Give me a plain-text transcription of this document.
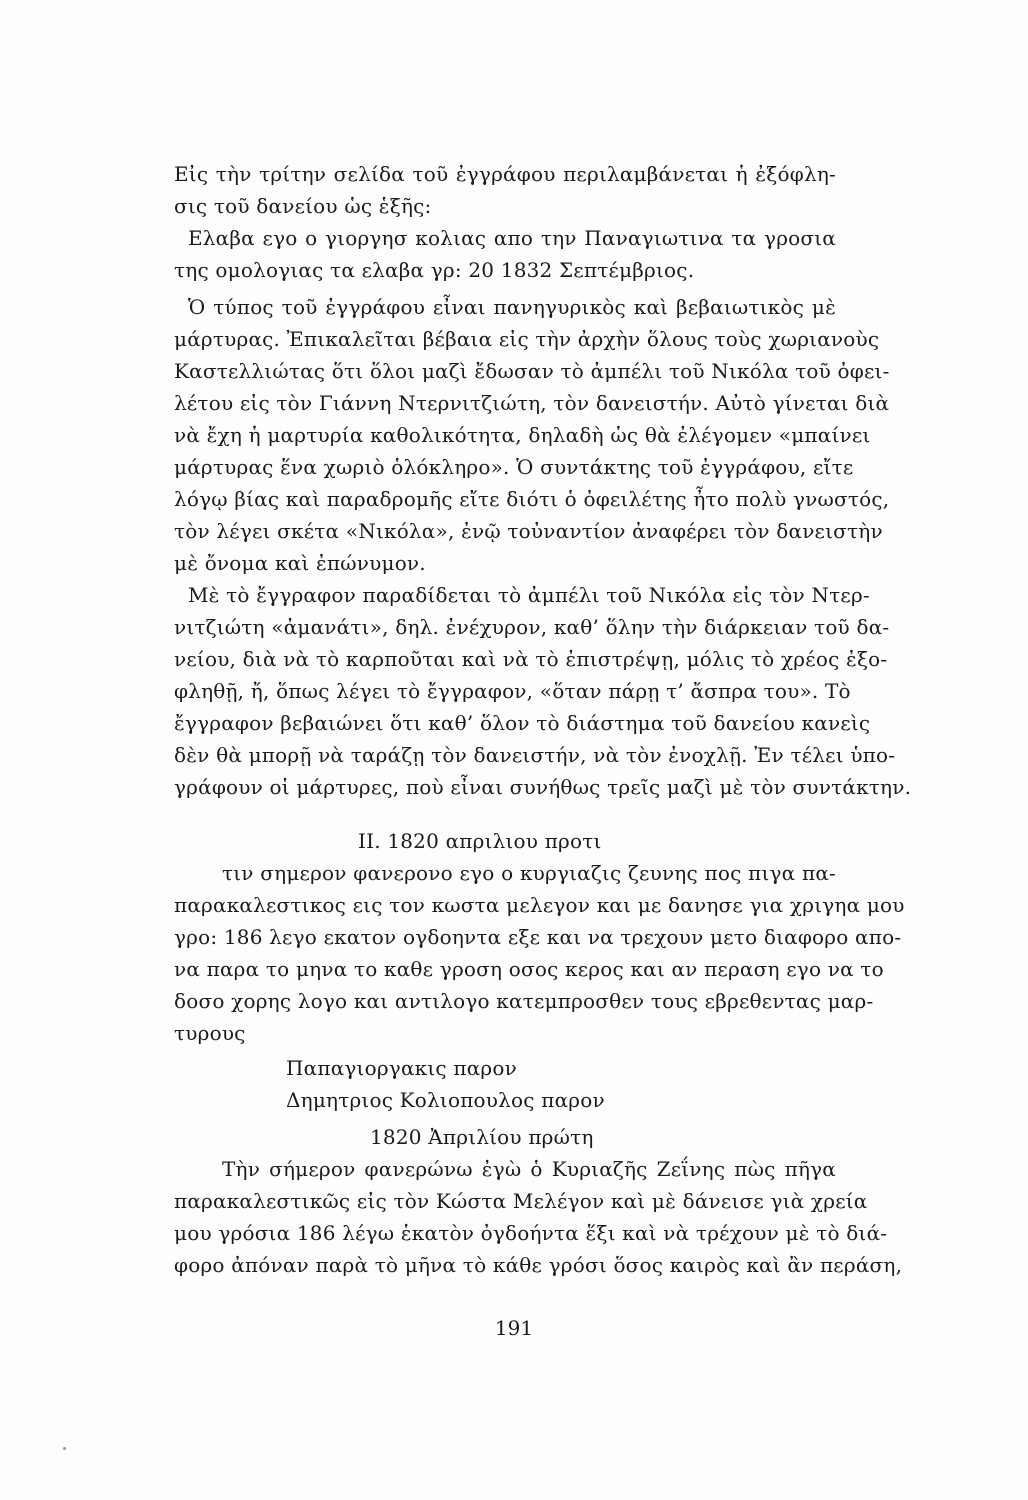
Εἰς τὴν τρίτην σελίδα τοῦ ἐγγράφου περιλαμβάνεται ἡ ἐξόφλη-
σις τοῦ δανείου ὡς ἑξῆς:
Ελαβα εγο ο γιοργησ κολιας απο την Παναγιωτινα τα γροσια
της ομολογιας τα ελαβα γρ: 20 1832 Σεπτέμβριος.
Ὁ τύπος τοῦ ἐγγράφου εἶναι πανηγυρικὸς καὶ βεβαιωτικὸς μὲ
μάρτυρας. Ἐπικαλεῖται βέβαια εἰς τὴν ἀρχὴν ὅλους τοὺς χωριανοὺς
Καστελλιώτας ὅτι ὅλοι μαζὶ ἔδωσαν τὸ ἀμπέλι τοῦ Νικόλα τοῦ ὀφει-
λέτου εἰς τὸν Γιάννη Ντερνιτζιώτη, τὸν δανειστήν. Αὐτὸ γίνεται διὰ
νὰ ἔχη ἡ μαρτυρία καθολικότητα, δηλαδὴ ὡς θὰ ἐλέγομεν «μπαίνει
μάρτυρας ἕνα χωριὸ ὁλόκληρο». Ὁ συντάκτης τοῦ ἐγγράφου, εἴτε
λόγῳ βίας καὶ παραδρομῆς εἴτε διότι ὁ ὀφειλέτης ἦτο πολὺ γνωστός,
τὸν λέγει σκέτα «Νικόλα», ἐνῷ τοὐναντίον ἀναφέρει τὸν δανειστὴν
μὲ ὄνομα καὶ ἐπώνυμον.
Μὲ τὸ ἔγγραφον παραδίδεται τὸ ἀμπέλι τοῦ Νικόλα εἰς τὸν Ντερ-
νιτζιώτη «ἀμανάτι», δηλ. ἐνέχυρον, καθ’ ὅλην τὴν διάρκειαν τοῦ δα-
νείου, διὰ νὰ τὸ καρποῦται καὶ νὰ τὸ ἐπιστρέψῃ, μόλις τὸ χρέος ἐξο-
φληθῇ, ἤ, ὅπως λέγει τὸ ἔγγραφον, «ὅταν πάρῃ τ’ ἄσπρα του». Τὸ
ἔγγραφον βεβαιώνει ὅτι καθ’ ὅλον τὸ διάστημα τοῦ δανείου κανεὶς
δὲν θὰ μπορῇ νὰ ταράζῃ τὸν δανειστήν, νὰ τὸν ἐνοχλῇ. Ἐν τέλει ὑπο-
γράφουν οἱ μάρτυρες, ποὺ εἶναι συνήθως τρεῖς μαζὶ μὲ τὸν συντάκτην.
II. 1820 απριλιου προτι
τιν σημερον φανερονο εγο ο κυργιαζις ζευνης πος πιγα πα-
παρακαλεστικος εις τον κωστα μελεγον και με δανησε για χριγηα μου
γρο: 186 λεγο εκατον ογδοηντα εξε και να τρεχουν μετο διαφορο απο-
να παρα το μηνα το καθε γροση οσος κερος και αν περαση εγο να το
δοσο χορης λογο και αντιλογο κατεμπροσθεν τους εβρεθεντας μαρ-
τυρους
Παπαγιοργακις παρον
Δημητριος Κολιοπουλος παρον
1820 Ἀπριλίου πρώτη
Τὴν σήμερον φανερώνω ἐγὼ ὁ Κυριαζῆς Ζεΐνης πὼς πῆγα
παρακαλεστικῶς εἰς τὸν Κώστα Μελέγον καὶ μὲ δάνεισε γιὰ χρεία
μου γρόσια 186 λέγω ἑκατὸν ὀγδοήντα ἕξι καὶ νὰ τρέχουν μὲ τὸ διά-
φορο ἀπόναν παρὰ τὸ μῆνα τὸ κάθε γρόσι ὅσος καιρὸς καὶ ἂν περάση,
191
